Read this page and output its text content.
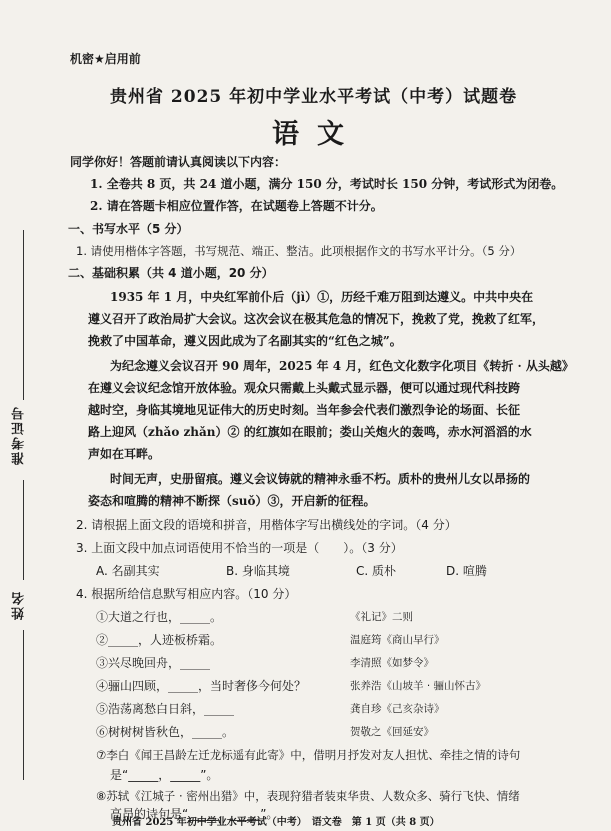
准考证号
姓名
机密★启用前
贵州省 2025 年初中学业水平考试（中考）试题卷
语文
同学你好！答题前请认真阅读以下内容：
1. 全卷共 8 页，共 24 道小题，满分 150 分，考试时长 150 分钟，考试形式为闭卷。
2. 请在答题卡相应位置作答，在试题卷上答题不计分。
一、书写水平（5 分）
1. 请使用楷体字答题，书写规范、端正、整洁。此项根据作文的书写水平计分。（5 分）
二、基础积累（共 4 道小题，20 分）
1935 年 1 月，中央红军前仆后（jì）①，历经千难万阻到达遵义。中共中央在
遵义召开了政治局扩大会议。这次会议在极其危急的情况下，挽救了党，挽救了红军，
挽救了中国革命，遵义因此成为了名副其实的“红色之城”。
为纪念遵义会议召开 90 周年，2025 年 4 月，红色文化数字化项目《转折 · 从头越》
在遵义会议纪念馆开放体验。观众只需戴上头戴式显示器，便可以通过现代科技跨
越时空，身临其境地见证伟大的历史时刻。当年参会代表们激烈争论的场面、长征
路上迎风（zhǎo zhǎn）② 的红旗如在眼前；娄山关炮火的轰鸣，赤水河滔滔的水
声如在耳畔。
时间无声，史册留痕。遵义会议铸就的精神永垂不朽。质朴的贵州儿女以昂扬的
姿态和喧腾的精神不断探（suǒ）③，开启新的征程。
2. 请根据上面文段的语境和拼音，用楷体字写出横线处的字词。（4 分）
3. 上面文段中加点词语使用不恰当的一项是（　　）。（3 分）
A. 名副其实	B. 身临其境	C. 质朴	D. 喧腾
4. 根据所给信息默写相应内容。（10 分）
①大道之行也，_____。	《礼记》二则
②_____，人迹板桥霜。	温庭筠《商山早行》
③兴尽晚回舟，_____	李清照《如梦令》
④骊山四顾，_____，当时奢侈今何处？	张养浩《山坡羊 · 骊山怀古》
⑤浩荡离愁白日斜，_____	龚自珍《己亥杂诗》
⑥树树树皆秋色，_____。	贺敬之《回延安》
⑦李白《闻王昌龄左迁龙标遥有此寄》中，借明月抒发对友人担忧、牵挂之情的诗句
是“_____，_____”。
⑧苏轼《江城子 · 密州出猎》中，表现狩猎者装束华贵、人数众多、骑行飞快、情绪
高昂的诗句是“_____，_____”。
贵州省 2025 年初中学业水平考试（中考）　语文卷　第 1 页（共 8 页）
